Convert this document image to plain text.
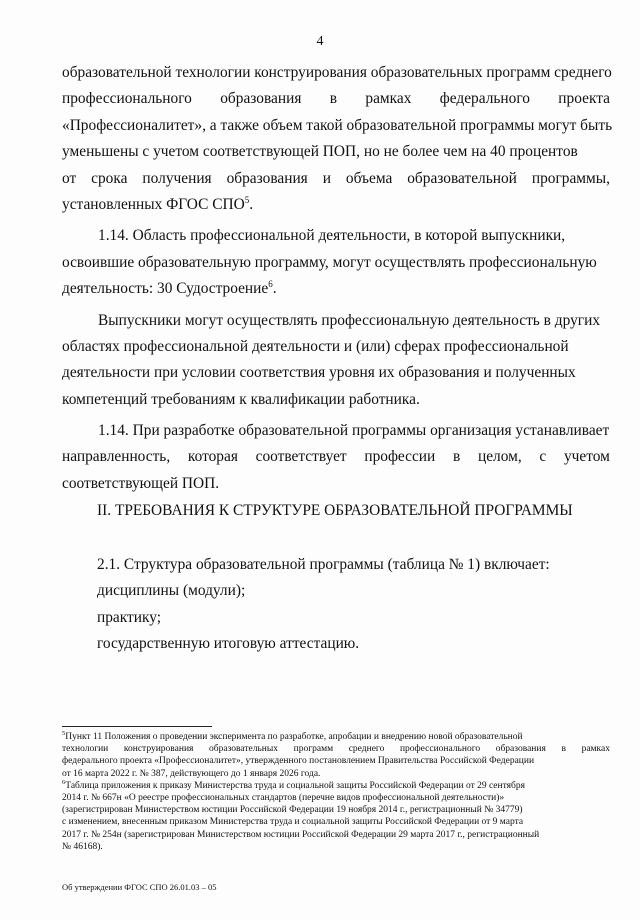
4
образовательной технологии конструирования образовательных программ среднего
профессионального образования в рамках федерального проекта
«Профессионалитет», а также объем такой образовательной программы могут быть
уменьшены с учетом соответствующей ПОП, но не более чем на 40 процентов
от срока получения образования и объема образовательной программы,
установленных ФГОС СПО$^5$.
1.14. Область профессиональной деятельности, в которой выпускники,
освоившие образовательную программу, могут осуществлять профессиональную
деятельность: 30 Судостроение$^6$.
Выпускники могут осуществлять профессиональную деятельность в других
областях профессиональной деятельности и (или) сферах профессиональной
деятельности при условии соответствия уровня их образования и полученных
компетенций требованиям к квалификации работника.
1.14. При разработке образовательной программы организация устанавливает
направленность, которая соответствует профессии в целом, с учетом
соответствующей ПОП.
II. ТРЕБОВАНИЯ К СТРУКТУРЕ ОБРАЗОВАТЕЛЬНОЙ ПРОГРАММЫ
2.1. Структура образовательной программы (таблица № 1) включает:
дисциплины (модули);
практику;
государственную итоговую аттестацию.
$^5$Пункт 11 Положения о проведении эксперимента по разработке, апробации и внедрению новой образовательной
технологии конструирования образовательных программ среднего профессионального образования в рамках
федерального проекта «Профессионалитет», утвержденного постановлением Правительства Российской Федерации
от 16 марта 2022 г. № 387, действующего до 1 января 2026 года.
$^6$Таблица приложения к приказу Министерства труда и социальной защиты Российской Федерации от 29 сентября
2014 г. № 667н «О реестре профессиональных стандартов (перечне видов профессиональной деятельности)»
(зарегистрирован Министерством юстиции Российской Федерации 19 ноября 2014 г., регистрационный № 34779)
с изменением, внесенным приказом Министерства труда и социальной защиты Российской Федерации от 9 марта
2017 г. № 254н (зарегистрирован Министерством юстиции Российской Федерации 29 марта 2017 г., регистрационный
№ 46168).
Об утверждении ФГОС СПО 26.01.03 – 05
